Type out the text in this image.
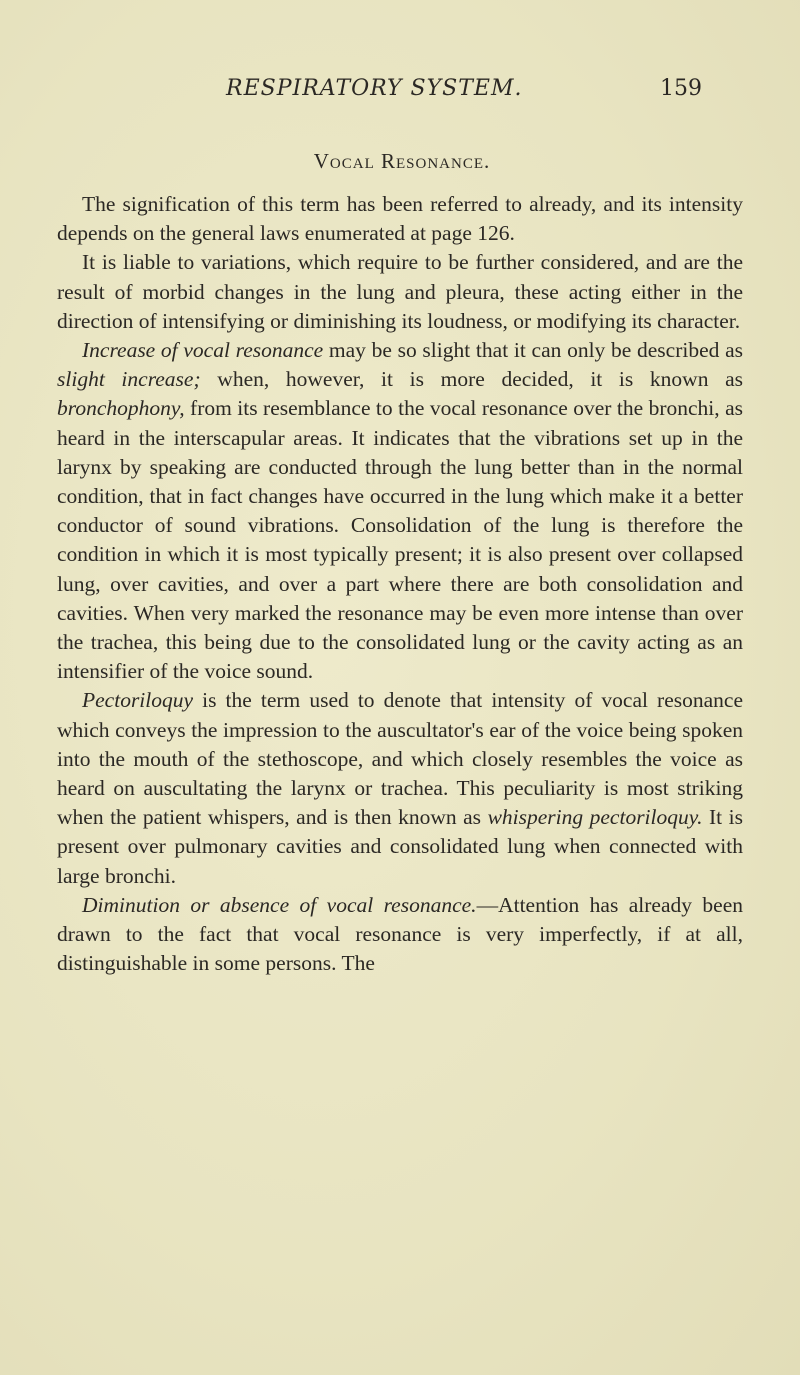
RESPIRATORY SYSTEM.	159
Vocal Resonance.

The signification of this term has been referred to already, and its intensity depends on the general laws enumerated at page 126.

It is liable to variations, which require to be further considered, and are the result of morbid changes in the lung and pleura, these acting either in the direction of intensifying or diminishing its loudness, or modifying its character.

Increase of vocal resonance may be so slight that it can only be described as slight increase; when, however, it is more decided, it is known as bronchophony, from its resemblance to the vocal resonance over the bronchi, as heard in the interscapular areas. It indicates that the vibrations set up in the larynx by speaking are conducted through the lung better than in the normal condition, that in fact changes have occurred in the lung which make it a better conductor of sound vibrations. Consolidation of the lung is therefore the condition in which it is most typically present; it is also present over collapsed lung, over cavities, and over a part where there are both consolidation and cavities. When very marked the resonance may be even more intense than over the trachea, this being due to the consolidated lung or the cavity acting as an intensifier of the voice sound.

Pectoriloquy is the term used to denote that intensity of vocal resonance which conveys the impression to the auscultator's ear of the voice being spoken into the mouth of the stethoscope, and which closely resembles the voice as heard on auscultating the larynx or trachea. This peculiarity is most striking when the patient whispers, and is then known as whispering pectoriloquy. It is present over pulmonary cavities and consolidated lung when connected with large bronchi.

Diminution or absence of vocal resonance.—Attention has already been drawn to the fact that vocal resonance is very imperfectly, if at all, distinguishable in some persons. The
